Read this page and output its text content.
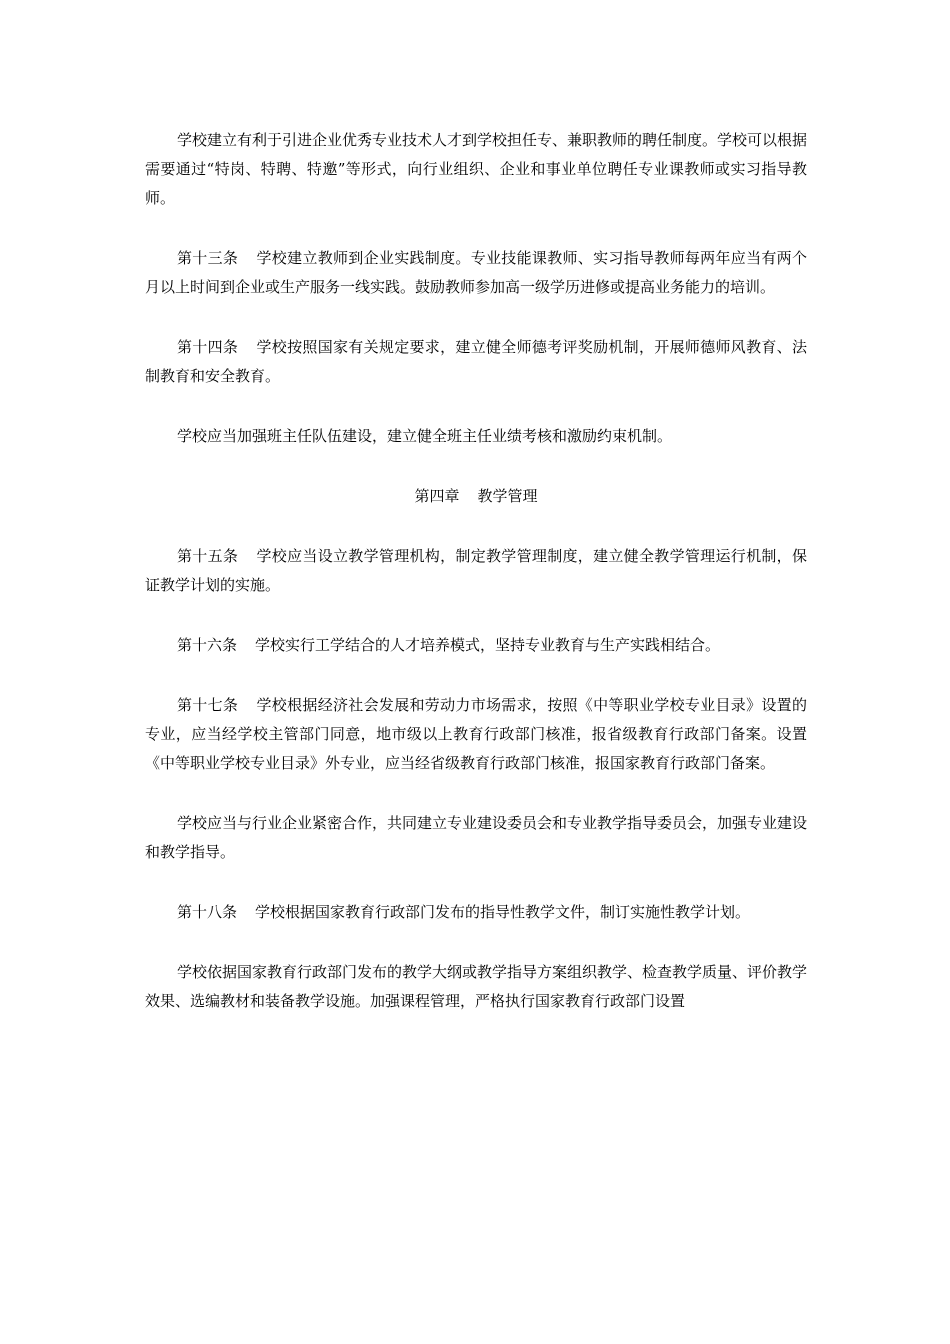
学校建立有利于引进企业优秀专业技术人才到学校担任专、兼职教师的聘任制度。学校可以根据需要通过“特岗、特聘、特邀”等形式，向行业组织、企业和事业单位聘任专业课教师或实习指导教师。

第十三条 学校建立教师到企业实践制度。专业技能课教师、实习指导教师每两年应当有两个月以上时间到企业或生产服务一线实践。鼓励教师参加高一级学历进修或提高业务能力的培训。

第十四条 学校按照国家有关规定要求，建立健全师德考评奖励机制，开展师德师风教育、法制教育和安全教育。

学校应当加强班主任队伍建设，建立健全班主任业绩考核和激励约束机制。

第四章 教学管理

第十五条 学校应当设立教学管理机构，制定教学管理制度，建立健全教学管理运行机制，保证教学计划的实施。

第十六条 学校实行工学结合的人才培养模式，坚持专业教育与生产实践相结合。

第十七条 学校根据经济社会发展和劳动力市场需求，按照《中等职业学校专业目录》设置的专业，应当经学校主管部门同意，地市级以上教育行政部门核准，报省级教育行政部门备案。设置《中等职业学校专业目录》外专业，应当经省级教育行政部门核准，报国家教育行政部门备案。

学校应当与行业企业紧密合作，共同建立专业建设委员会和专业教学指导委员会，加强专业建设和教学指导。

第十八条 学校根据国家教育行政部门发布的指导性教学文件，制订实施性教学计划。

学校依据国家教育行政部门发布的教学大纲或教学指导方案组织教学、检查教学质量、评价教学效果、选编教材和装备教学设施。加强课程管理，严格执行国家教育行政部门设置
